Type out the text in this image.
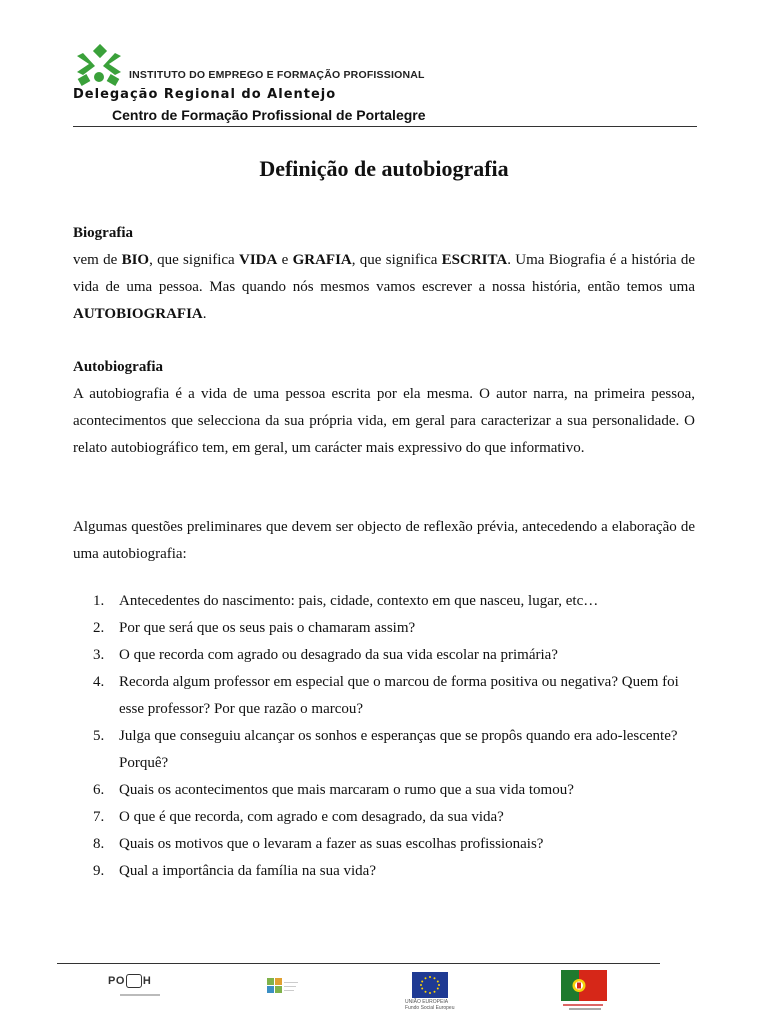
INSTITUTO DO EMPREGO E FORMAÇÃO PROFISSIONAL
Delegação Regional do Alentejo
Centro de Formação Profissional de Portalegre
Definição de autobiografia

Biografia

vem de BIO, que significa VIDA e GRAFIA, que significa ESCRITA. Uma Biografia é a história de vida de uma pessoa. Mas quando nós mesmos vamos escrever a nossa história, então temos uma AUTOBIOGRAFIA.

Autobiografia

A autobiografia é a vida de uma pessoa escrita por ela mesma. O autor narra, na primeira pessoa, acontecimentos que selecciona da sua própria vida, em geral para caracterizar a sua personalidade. O relato autobiográfico tem, em geral, um carácter mais expressivo do que informativo.

Algumas questões preliminares que devem ser objecto de reflexão prévia, antecedendo a elaboração de uma autobiografia:

1. Antecedentes do nascimento: pais, cidade, contexto em que nasceu, lugar, etc…
2. Por que será que os seus pais o chamaram assim?
3. O que recorda com agrado ou desagrado da sua vida escolar na primária?
4. Recorda algum professor em especial que o marcou de forma positiva ou negativa? Quem foi esse professor? Por que razão o marcou?
5. Julga que conseguiu alcançar os sonhos e esperanças que se propôs quando era ado-lescente? Porquê?
6. Quais os acontecimentos que mais marcaram o rumo que a sua vida tomou?
7. O que é que recorda, com agrado e com desagrado, da sua vida?
8. Quais os motivos que o levaram a fazer as suas escolhas profissionais?
9. Qual a importância da família na sua vida?
PO H
UNIÃO EUROPEIA
Fundo Social Europeu
